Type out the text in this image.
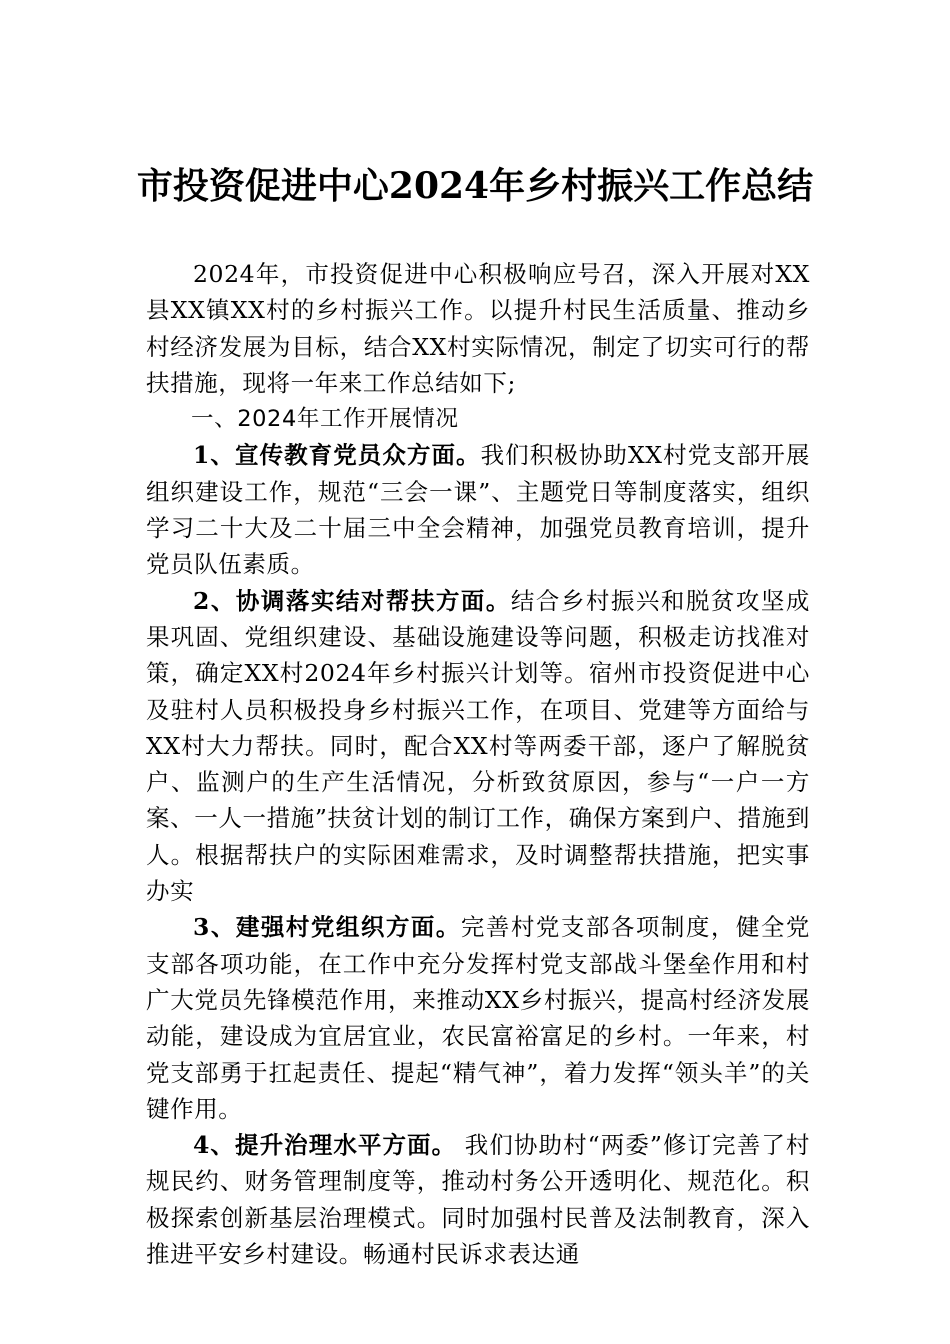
市投资促进中心2024年乡村振兴工作总结

2024年，市投资促进中心积极响应号召，深入开展对XX县XX镇XX村的乡村振兴工作。以提升村民生活质量、推动乡村经济发展为目标，结合XX村实际情况，制定了切实可行的帮扶措施，现将一年来工作总结如下;

一、2024年工作开展情况

1、宣传教育党员众方面。我们积极协助XX村党支部开展组织建设工作，规范“三会一课”、主题党日等制度落实，组织学习二十大及二十届三中全会精神，加强党员教育培训，提升党员队伍素质。

2、协调落实结对帮扶方面。结合乡村振兴和脱贫攻坚成果巩固、党组织建设、基础设施建设等问题，积极走访找准对策，确定XX村2024年乡村振兴计划等。宿州市投资促进中心及驻村人员积极投身乡村振兴工作，在项目、党建等方面给与XX村大力帮扶。同时，配合XX村等两委干部，逐户了解脱贫户、监测户的生产生活情况，分析致贫原因，参与“一户一方案、一人一措施”扶贫计划的制订工作，确保方案到户、措施到人。根据帮扶户的实际困难需求，及时调整帮扶措施，把实事办实

3、建强村党组织方面。完善村党支部各项制度，健全党支部各项功能，在工作中充分发挥村党支部战斗堡垒作用和村广大党员先锋模范作用，来推动XX乡村振兴，提高村经济发展动能，建设成为宜居宜业，农民富裕富足的乡村。一年来，村党支部勇于扛起责任、提起“精气神”，着力发挥“领头羊”的关键作用。

4、提升治理水平方面。 我们协助村“两委”修订完善了村规民约、财务管理制度等，推动村务公开透明化、规范化。积极探索创新基层治理模式。同时加强村民普及法制教育，深入推进平安乡村建设。畅通村民诉求表达通
